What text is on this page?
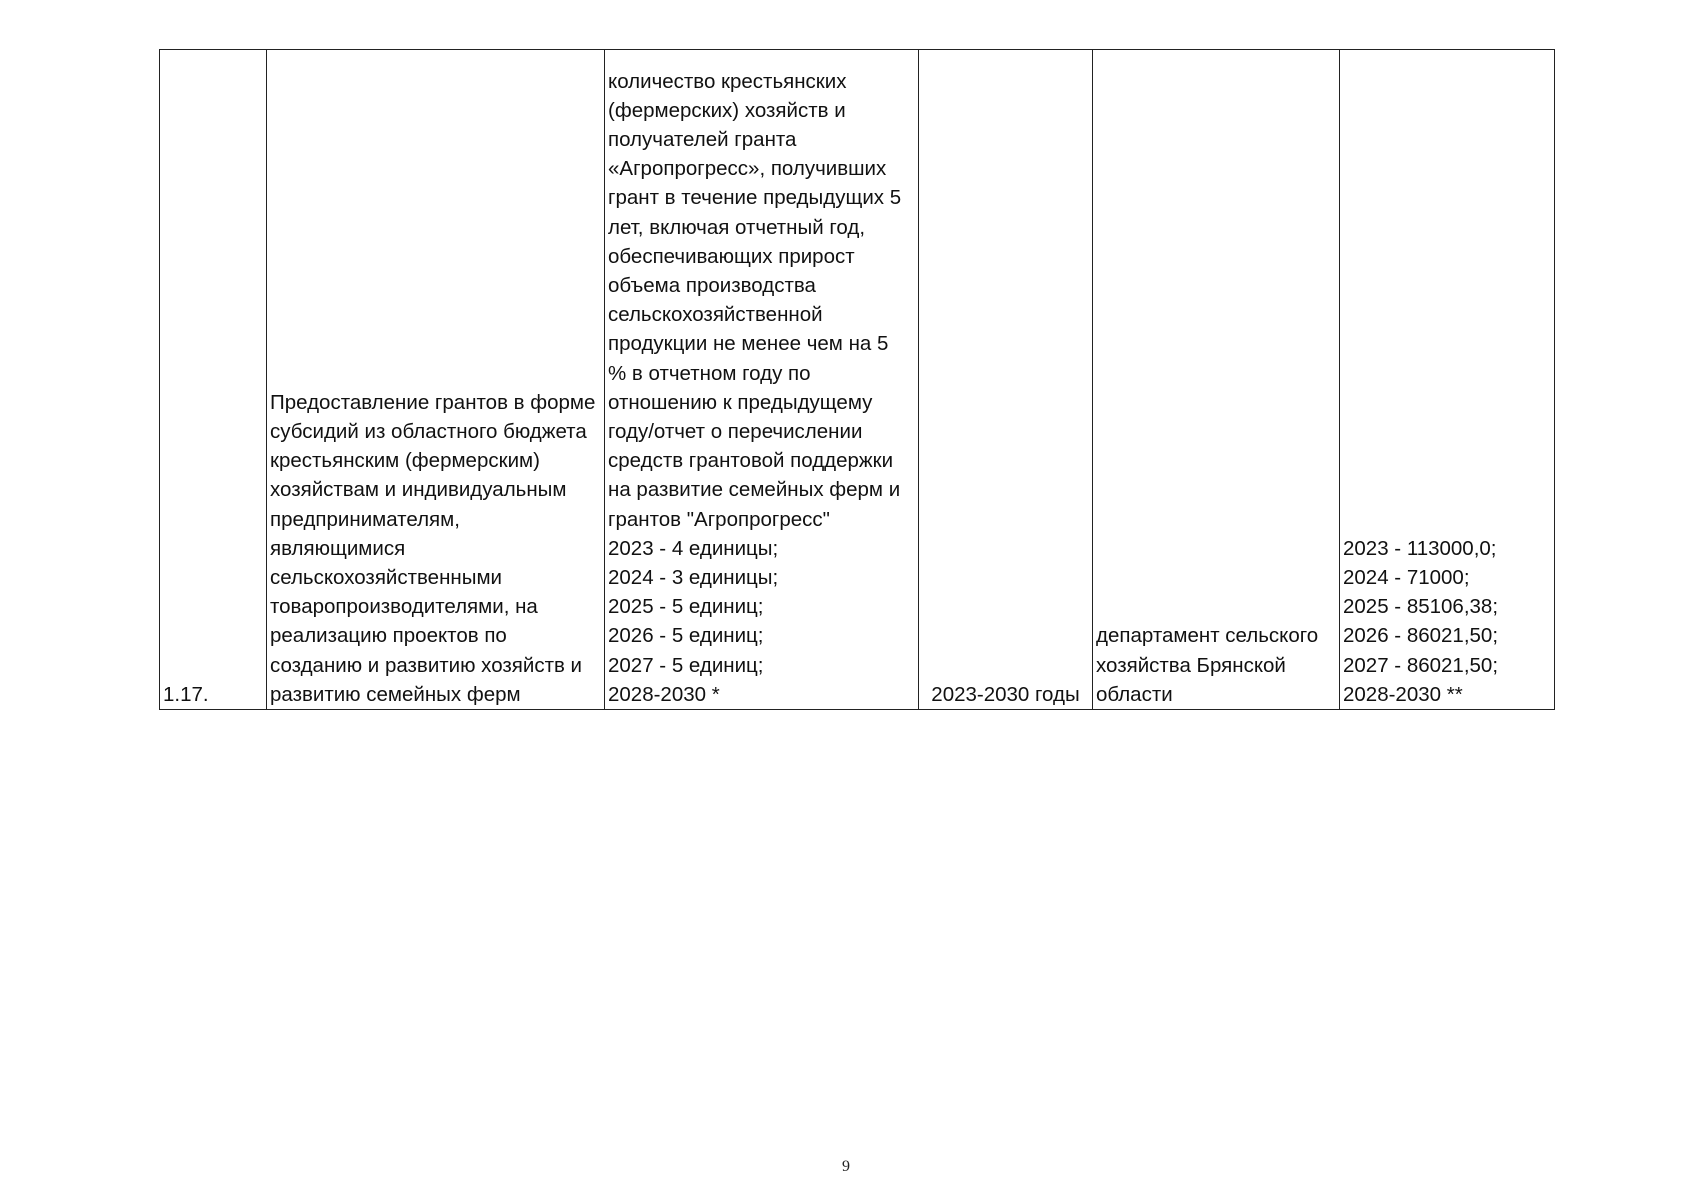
1.17.	Предоставление грантов в форме
субсидий из областного бюджета
крестьянским (фермерским)
хозяйствам и индивидуальным
предпринимателям,
являющимися
сельскохозяйственными
товаропроизводителями, на
реализацию проектов по
созданию и развитию хозяйств и
развитию семейных ферм	количество крестьянских
(фермерских) хозяйств и
получателей гранта
«Агропрогресс», получивших
грант в течение предыдущих 5
лет, включая отчетный год,
обеспечивающих прирост
объема производства
сельскохозяйственной
продукции не менее чем на 5
% в отчетном году по
отношению к предыдущему
году/отчет о перечислении
средств грантовой поддержки
на развитие семейных ферм и
грантов "Агропрогресс"
2023 - 4 единицы;
2024 - 3 единицы;
2025 - 5 единиц;
2026 - 5 единиц;
2027 - 5 единиц;
2028-2030 *	2023-2030 годы	департамент сельского
хозяйства Брянской
области	2023 - 113000,0;
2024 - 71000;
2025 - 85106,38;
2026 - 86021,50;
2027 - 86021,50;
2028-2030 **
9
